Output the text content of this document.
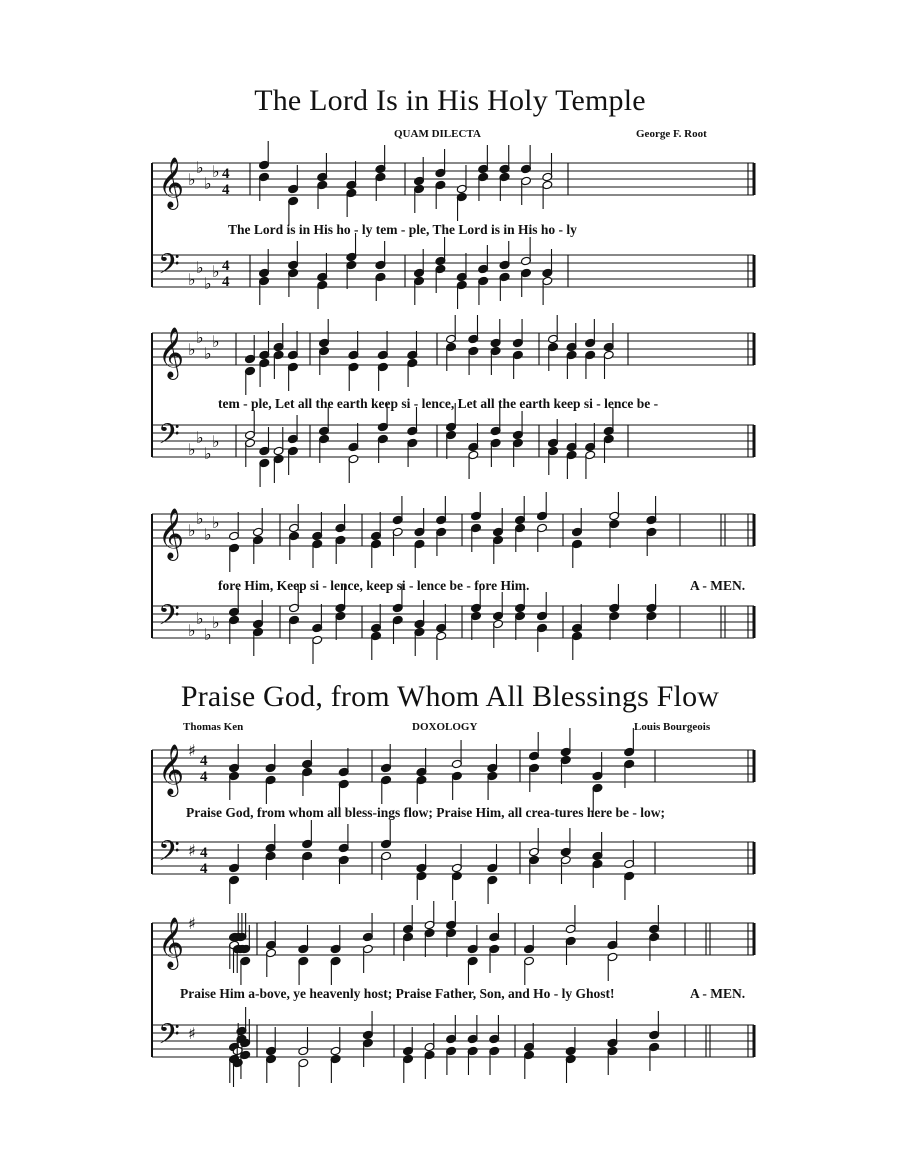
The Lord Is in His Holy Temple
QUAM DILECTA	George F. Root
𝄞 ♭
♭
♭
♭ 4
4
𝄢 ♭
♭
♭
♭ 4
4
The Lord is in His ho - ly tem - ple, The Lord is in His ho - ly
𝄞 ♭
♭
♭
♭
𝄢 ♭
♭
♭
♭
tem - ple, Let all the earth keep si - lence, Let all the earth keep si - lence be -
𝄞 ♭
♭
♭
♭
𝄢 ♭
♭
♭
♭
fore Him, Keep si - lence, keep si - lence be - fore Him.	A - MEN.
Praise God, from Whom All Blessings Flow
Thomas Ken	DOXOLOGY	Louis Bourgeois
𝄞 ♯
4
4
𝄢 ♯ 4
4
Praise God, from whom all bless-ings flow; Praise Him, all crea-tures here be - low;
𝄞 ♯
𝄢 ♯
Praise Him a-bove, ye heavenly host; Praise Father, Son, and Ho - ly Ghost!	A - MEN.
